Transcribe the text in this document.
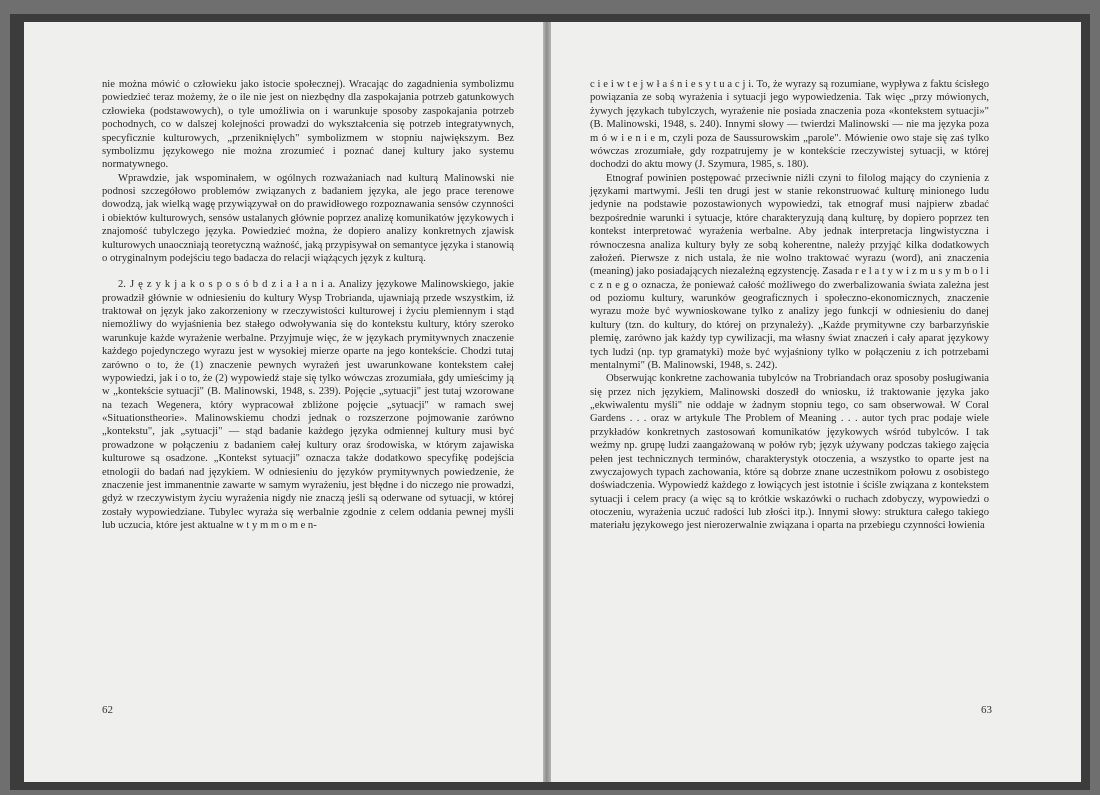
nie można mówić o człowieku jako istocie społecznej). Wracając do zagadnienia symbolizmu powiedzieć teraz możemy, że o ile nie jest on niezbędny dla zaspokajania potrzeb gatunkowych człowieka (podstawowych), o tyle umożliwia on i warunkuje sposoby zaspokajania potrzeb pochodnych, co w dalszej kolejności prowadzi do wykształcenia się potrzeb integratywnych, specyficznie kulturowych, „przeniknięlych" symbolizmem w stopniu największym. Bez symbolizmu językowego nie można zrozumieć i poznać danej kultury jako systemu normatywnego.

Wprawdzie, jak wspominałem, w ogólnych rozważaniach nad kulturą Malinowski nie podnosi szczegółowo problemów związanych z badaniem języka, ale jego prace terenowe dowodzą, jak wielką wagę przywiązywał on do prawidłowego rozpoznawania sensów czynności i obiektów kulturowych, sensów ustalanych głównie poprzez analizę komunikatów językowych i znajomość tubylczego języka. Powiedzieć można, że dopiero analizy konkretnych zjawisk kulturowych unaoczniają teoretyczną ważność, jaką przypisywał on semantyce języka i stanowią o otryginalnym podejściu tego badacza do relacji wiążących język z kulturą.

2. J ę z y k j a k o s p o s ó b d z i a ł a n i a. Analizy językowe Malinowskiego, jakie prowadził głównie w odniesieniu do kultury Wysp Trobrianda, ujawniają przede wszystkim, iż traktował on język jako zakorzeniony w rzeczywistości kulturowej i życiu plemiennym i stąd niemożliwy do wyjaśnienia bez stałego odwoływania się do kontekstu kultury, który szeroko warunkuje każde wyrażenie werbalne. Przyjmuje więc, że w językach prymitywnych znaczenie każdego pojedynczego wyrazu jest w wysokiej mierze oparte na jego kontekście. Chodzi tutaj zarówno o to, że (1) znaczenie pewnych wyrażeń jest uwarunkowane kontekstem całej wypowiedzi, jak i o to, że (2) wypowiedź staje się tylko wówczas zrozumiała, gdy umieścimy ją w „kontekście sytuacji" (B. Malinowski, 1948, s. 239). Pojęcie „sytuacji" jest tutaj wzorowane na tezach Wegenera, który wypracował zbliżone pojęcie „sytuacji" w ramach swej «Situationstheorie». Malinowskiemu chodzi jednak o rozszerzone pojmowanie zarówno „kontekstu", jak „sytuacji" — stąd badanie każdego języka odmiennej kultury musi być prowadzone w połączeniu z badaniem całej kultury oraz środowiska, w którym zajawiska kulturowe są osadzone. „Kontekst sytuacji" oznacza także dodatkowo specyfikę podejścia etnologii do badań nad językiem. W odniesieniu do języków prymitywnych powiedzenie, że znaczenie jest immanentnie zawarte w samym wyrażeniu, jest błędne i do niczego nie prowadzi, gdyż w rzeczywistym życiu wyrażenia nigdy nie znaczą jeśli są oderwane od sytuacji, w której zostały wypowiedziane. Tubylec wyraża się werbalnie zgodnie z celem oddania pewnej myśli lub uczucia, które jest aktualne w t y m m o m e n-

62

c i e i w t e j w ł a ś n i e s y t u a c j i. To, że wyrazy są rozumiane, wypływa z faktu ścisłego powiązania ze sobą wyrażenia i sytuacji jego wypowiedzenia. Tak więc „przy mówionych, żywych językach tubylczych, wyrażenie nie posiada znaczenia poza «kontekstem sytuacji»" (B. Malinowski, 1948, s. 240). Innymi słowy — twierdzi Malinowski — nie ma języka poza m ó w i e n i e m, czyli poza de Saussurowskim „parole". Mówienie owo staje się zaś tylko wówczas zrozumiałe, gdy rozpatrujemy je w kontekście rzeczywistej sytuacji, w której dochodzi do aktu mowy (J. Szymura, 1985, s. 180).

Etnograf powinien postępować przeciwnie niźli czyni to filolog mający do czynienia z językami martwymi. Jeśli ten drugi jest w stanie rekonstruować kulturę minionego ludu jedynie na podstawie pozostawionych wypowiedzi, tak etnograf musi najpierw zbadać bezpośrednie warunki i sytuacje, które charakteryzują daną kulturę, by dopiero poprzez ten kontekst interpretować wyrażenia werbalne. Aby jednak interpretacja lingwistyczna i równoczesna analiza kultury były ze sobą koherentne, należy przyjąć kilka dodatkowych założeń. Pierwsze z nich ustala, że nie wolno traktować wyrazu (word), ani znaczenia (meaning) jako posiadających niezależną egzystencję. Zasada r e l a t y w i z m u s y m b o l i c z n e g o oznacza, że ponieważ całość możliwego do zwerbalizowania świata zależna jest od poziomu kultury, warunków geograficznych i społeczno-ekonomicznych, znaczenie wyrazu może być wywnioskowane tylko z analizy jego funkcji w odniesieniu do danej kultury (tzn. do kultury, do której on przynależy). „Każde prymitywne czy barbarzyńskie plemię, zarówno jak każdy typ cywilizacji, ma własny świat znaczeń i cały aparat językowy tych ludzi (np. typ gramatyki) może być wyjaśniony tylko w połączeniu z ich potrzebami mentalnymi" (B. Malinowski, 1948, s. 242).

Obserwując konkretne zachowania tubylców na Trobriandach oraz sposoby posługiwania się przez nich językiem, Malinowski doszedł do wniosku, iż traktowanie języka jako „ekwiwalentu myśli" nie oddaje w żadnym stopniu tego, co sam obserwował. W Coral Gardens . . . oraz w artykule The Problem of Meaning . . . autor tych prac podaje wiele przykładów konkretnych zastosowań komunikatów językowych wśród tubylców. I tak weźmy np. grupę ludzi zaangażowaną w połów ryb; język używany podczas takiego zajęcia pełen jest technicznych terminów, charakterystyk otoczenia, a wszystko to oparte jest na zwyczajowych typach zachowania, które są dobrze znane uczestnikom połowu z osobistego doświadczenia. Wypowiedź każdego z łowiących jest istotnie i ściśle związana z kontekstem sytuacji i celem pracy (a więc są to krótkie wskazówki o ruchach zdobyczy, wypowiedzi o otoczeniu, wyrażenia uczuć radości lub złości itp.). Innymi słowy: struktura całego takiego materiału językowego jest nierozerwalnie związana i oparta na przebiegu czynności łowienia

63
